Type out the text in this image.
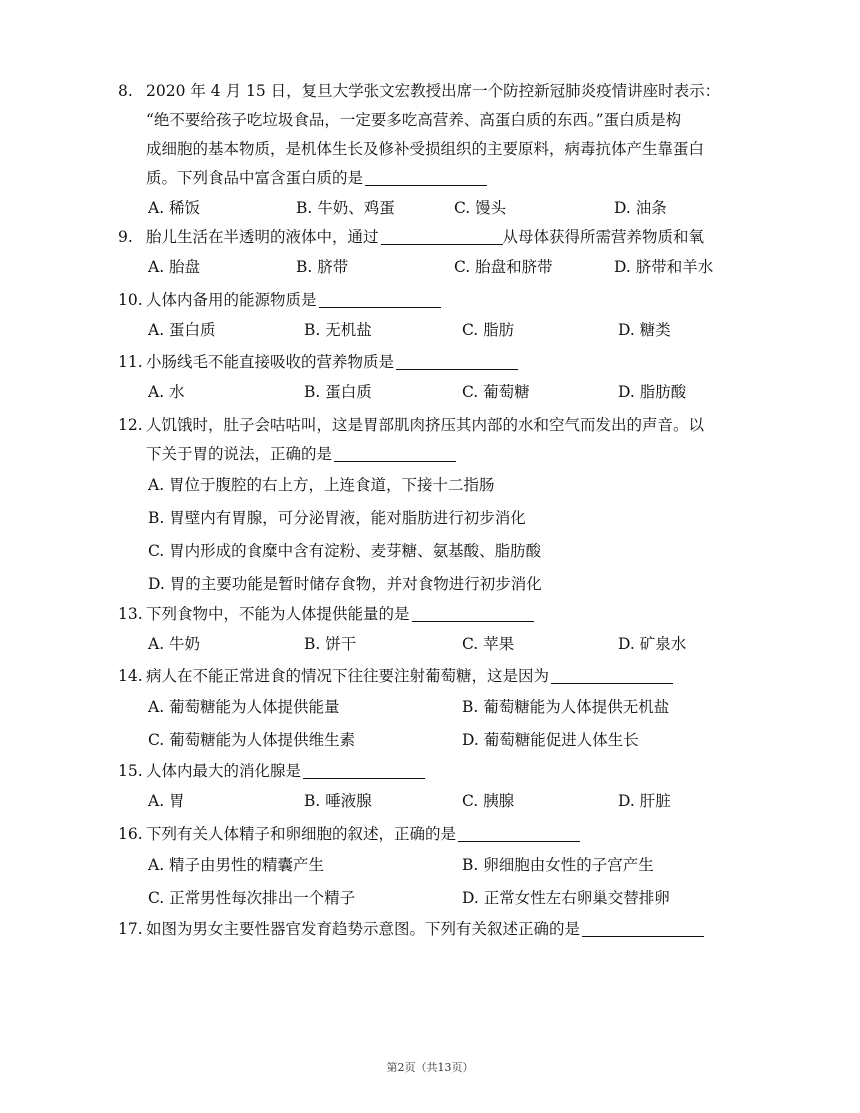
8. 2020 年 4 月 15 日，复旦大学张文宏教授出席一个防控新冠肺炎疫情讲座时表示：
“绝不要给孩子吃垃圾食品，一定要多吃高营养、高蛋白质的东西。”蛋白质是构
成细胞的基本物质，是机体生长及修补受损组织的主要原料，病毒抗体产生靠蛋白
质。下列食品中富含蛋白质的是
A. 稀饭	B. 牛奶、鸡蛋	C. 馒头	D. 油条
9. 胎儿生活在半透明的液体中，通过	从母体获得所需营养物质和氧
A. 胎盘	B. 脐带	C. 胎盘和脐带	D. 脐带和羊水
10. 人体内备用的能源物质是
A. 蛋白质	B. 无机盐	C. 脂肪	D. 糖类
11. 小肠线毛不能直接吸收的营养物质是
A. 水	B. 蛋白质	C. 葡萄糖	D. 脂肪酸
12. 人饥饿时，肚子会咕咕叫，这是胃部肌肉挤压其内部的水和空气而发出的声音。以
下关于胃的说法，正确的是
A. 胃位于腹腔的右上方，上连食道，下接十二指肠
B. 胃壁内有胃腺，可分泌胃液，能对脂肪进行初步消化
C. 胃内形成的食糜中含有淀粉、麦芽糖、氨基酸、脂肪酸
D. 胃的主要功能是暂时储存食物，并对食物进行初步消化
13. 下列食物中，不能为人体提供能量的是
A. 牛奶	B. 饼干	C. 苹果	D. 矿泉水
14. 病人在不能正常进食的情况下往往要注射葡萄糖，这是因为
A. 葡萄糖能为人体提供能量	B. 葡萄糖能为人体提供无机盐
C. 葡萄糖能为人体提供维生素	D. 葡萄糖能促进人体生长
15. 人体内最大的消化腺是
A. 胃	B. 唾液腺	C. 胰腺	D. 肝脏
16. 下列有关人体精子和卵细胞的叙述，正确的是
A. 精子由男性的精囊产生	B. 卵细胞由女性的子宫产生
C. 正常男性每次排出一个精子	D. 正常女性左右卵巢交替排卵
17. 如图为男女主要性器官发育趋势示意图。下列有关叙述正确的是
第2页（共13页）
